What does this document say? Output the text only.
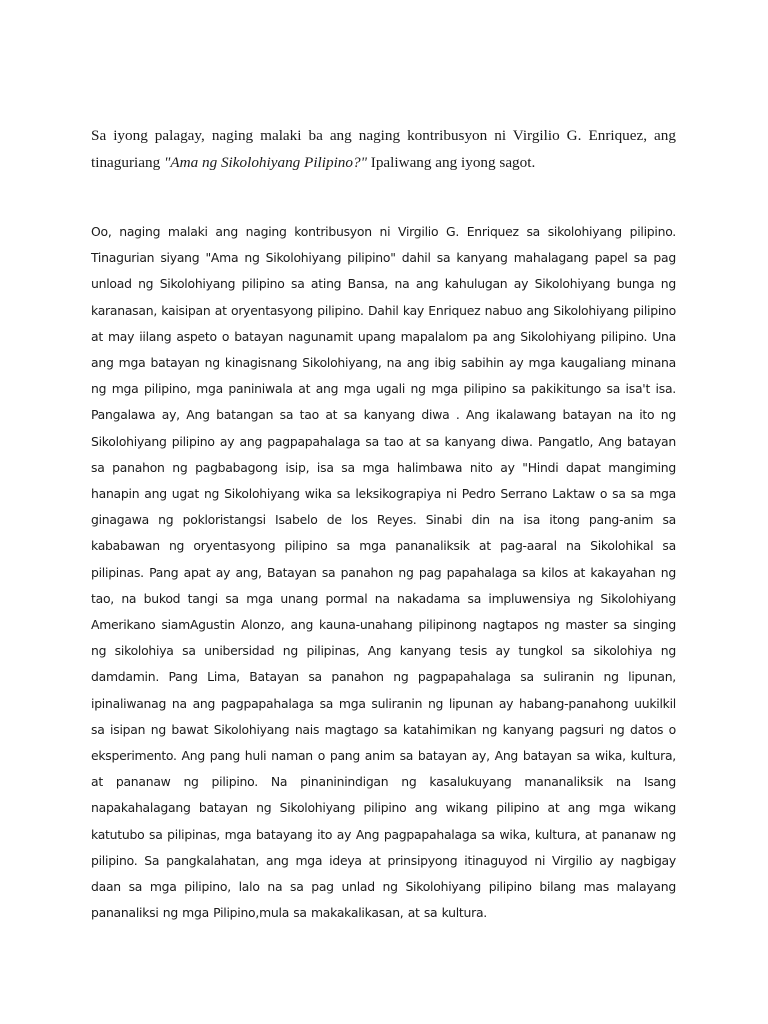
Sa iyong palagay, naging malaki ba ang naging kontribusyon ni Virgilio G. Enriquez, ang tinaguriang "Ama ng Sikolohiyang Pilipino?" Ipaliwang ang iyong sagot.

Oo, naging malaki ang naging kontribusyon ni Virgilio G. Enriquez sa sikolohiyang pilipino. Tinagurian siyang "Ama ng Sikolohiyang pilipino" dahil sa kanyang mahalagang papel sa pag unload ng Sikolohiyang pilipino sa ating Bansa, na ang kahulugan ay Sikolohiyang bunga ng karanasan, kaisipan at oryentasyong pilipino. Dahil kay Enriquez nabuo ang Sikolohiyang pilipino at may iilang aspeto o batayan nagunamit upang mapalalom pa ang Sikolohiyang pilipino. Una ang mga batayan ng kinagisnang Sikolohiyang, na ang ibig sabihin ay mga kaugaliang minana ng mga pilipino, mga paniniwala at ang mga ugali ng mga pilipino sa pakikitungo sa isa't isa. Pangalawa ay, Ang batangan sa tao at sa kanyang diwa . Ang ikalawang batayan na ito ng Sikolohiyang pilipino ay ang pagpapahalaga sa tao at sa kanyang diwa. Pangatlo, Ang batayan sa panahon ng pagbabagong isip, isa sa mga halimbawa nito ay "Hindi dapat mangiming hanapin ang ugat ng Sikolohiyang wika sa leksikograpiya ni Pedro Serrano Laktaw o sa sa mga ginagawa ng pokloristangsi Isabelo de los Reyes. Sinabi din na isa itong pang-anim sa kababawan ng oryentasyong pilipino sa mga pananaliksik at pag-aaral na Sikolohikal sa pilipinas. Pang apat ay ang, Batayan sa panahon ng pag papahalaga sa kilos at kakayahan ng tao, na bukod tangi sa mga unang pormal na nakadama sa impluwensiya ng Sikolohiyang Amerikano siamAgustin Alonzo, ang kauna-unahang pilipinong nagtapos ng master sa singing ng sikolohiya sa unibersidad ng pilipinas, Ang kanyang tesis ay tungkol sa sikolohiya ng damdamin. Pang Lima, Batayan sa panahon ng pagpapahalaga sa suliranin ng lipunan, ipinaliwanag na ang pagpapahalaga sa mga suliranin ng lipunan ay habang-panahong uukilkil sa isipan ng bawat Sikolohiyang nais magtago sa katahimikan ng kanyang pagsuri ng datos o eksperimento. Ang pang huli naman o pang anim sa batayan ay, Ang batayan sa wika, kultura, at pananaw ng pilipino. Na pinaninindigan ng kasalukuyang mananaliksik na Isang napakahalagang batayan ng Sikolohiyang pilipino ang wikang pilipino at ang mga wikang katutubo sa pilipinas, mga batayang ito ay Ang pagpapahalaga sa wika, kultura, at pananaw ng pilipino. Sa pangkalahatan, ang mga ideya at prinsipyong itinaguyod ni Virgilio ay nagbigay daan sa mga pilipino, lalo na sa pag unlad ng Sikolohiyang pilipino bilang mas malayang pananaliksi ng mga Pilipino,mula sa makakalikasan, at sa kultura.
